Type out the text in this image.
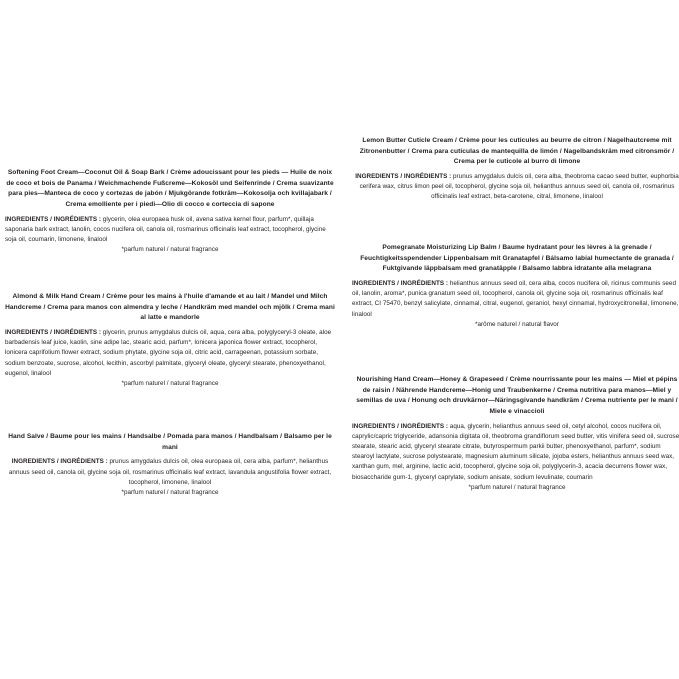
Softening Foot Cream—Coconut Oil & Soap Bark / Crème adoucissant pour les pieds — Huile de noix de coco et bois de Panama / Weichmachende Fußcreme—Kokosöl und Seifenrinde / Crema suavizante para pies—Manteca de coco y cortezas de jabón / Mjukgörande fotkräm—Kokosolja och kvillajabark / Crema emolliente per i piedi—Olio di cocco e corteccia di sapone

INGREDIENTS / INGRÉDIENTS : glycerin, olea europaea husk oil, avena sativa kernel flour, parfum*, quillaja saponaria bark extract, lanolin, cocos nucifera oil, canola oil, rosmarinus officinalis leaf extract, tocopherol, glycine soja oil, coumarin, limonene, linalool
*parfum naturel / natural fragrance

Almond & Milk Hand Cream / Crème pour les mains à l'huile d'amande et au lait / Mandel und Milch Handcreme / Crema para manos con almendra y leche / Handkräm med mandel och mjölk / Crema mani al latte e mandorle

INGREDIENTS / INGRÉDIENTS : glycerin, prunus amygdalus dulcis oil, aqua, cera alba, polyglyceryl-3 oleate, aloe barbadensis leaf juice, kaolin, sine adipe lac, stearic acid, parfum*, lonicera japonica flower extract, tocopherol, lonicera caprifolium flower extract, sodium phytate, glycine soja oil, citric acid, carrageenan, potassium sorbate, sodium benzoate, sucrose, alcohol, lecithin, ascorbyl palmitate, glyceryl oleate, glyceryl stearate, phenoxyethanol, eugenol, linalool
*parfum naturel / natural fragrance

Hand Salve / Baume pour les mains / Handsalbe / Pomada para manos / Handbalsam / Balsamo per le mani

INGREDIENTS / INGRÉDIENTS : prunus amygdalus dulcis oil, olea europaea oil, cera alba, parfum*, helianthus annuus seed oil, canola oil, glycine soja oil, rosmarinus officinalis leaf extract, lavandula angustifolia flower extract, tocopherol, limonene, linalool
*parfum naturel / natural fragrance

Lemon Butter Cuticle Cream / Crème pour les cuticules au beurre de citron / Nagelhautcreme mit Zitronenbutter / Crema para cutículas de mantequilla de limón / Nagelbandskräm med citronsmör / Crema per le cuticole al burro di limone

INGREDIENTS / INGRÉDIENTS : prunus amygdalus dulcis oil, cera alba, theobroma cacao seed butter, euphorbia cerifera wax, citrus limon peel oil, tocopherol, glycine soja oil, helianthus annuus seed oil, canola oil, rosmarinus officinalis leaf extract, beta-carotene, citral, limonene, linalool

Pomegranate Moisturizing Lip Balm / Baume hydratant pour les lèvres à la grenade / Feuchtigkeitsspendender Lippenbalsam mit Granatapfel / Bálsamo labial humectante de granada / Fuktgivande läppbalsam med granatäpple / Balsamo labbra idratante alla melagrana

INGREDIENTS / INGRÉDIENTS : helianthus annuus seed oil, cera alba, cocos nucifera oil, ricinus communis seed oil, lanolin, aroma*, punica granatum seed oil, tocopherol, canola oil, glycine soja oil, rosmarinus officinalis leaf extract, CI 75470, benzyl salicylate, cinnamal, citral, eugenol, geraniol, hexyl cinnamal, hydroxycitronellal, limonene, linalool
*arôme naturel / natural flavor

Nourishing Hand Cream—Honey & Grapeseed / Crème nourrissante pour les mains — Miel et pépins de raisin / Nährende Handcreme—Honig und Traubenkerne / Crema nutritiva para manos—Miel y semillas de uva / Honung och druvkärnor—Näringsgivande handkräm / Crema nutriente per le mani / Miele e vinaccioli

INGREDIENTS / INGRÉDIENTS : aqua, glycerin, helianthus annuus seed oil, cetyl alcohol, cocos nucifera oil, caprylic/capric triglyceride, adansonia digitata oil, theobroma grandiflorum seed butter, vitis vinifera seed oil, sucrose stearate, stearic acid, glyceryl stearate citrate, butyrospermum parkii butter, phenoxyethanol, parfum*, sodium stearoyl lactylate, sucrose polystearate, magnesium aluminum silicate, jojoba esters, helianthus annuus seed wax, xanthan gum, mel, arginine, lactic acid, tocopherol, glycine soja oil, polyglycerin-3, acacia decurrens flower wax, biosaccharide gum-1, glyceryl caprylate, sodium anisate, sodium levulinate, coumarin
*parfum naturel / natural fragrance
